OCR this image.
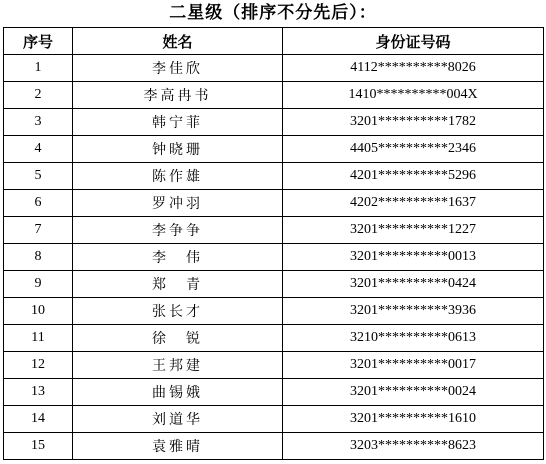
二星级（排序不分先后）：
序号	姓名	身份证号码
1	李佳欣	4112**********8026
2	李高冉书	1410**********004X
3	韩宁菲	3201**********1782
4	钟晓珊	4405**********2346
5	陈作雄	4201**********5296
6	罗冲羽	4202**********1637
7	李争争	3201**********1227
8	李　伟	3201**********0013
9	郑　青	3201**********0424
10	张长才	3201**********3936
11	徐　锐	3210**********0613
12	王邦建	3201**********0017
13	曲锡娥	3201**********0024
14	刘道华	3201**********1610
15	袁雅晴	3203**********8623
